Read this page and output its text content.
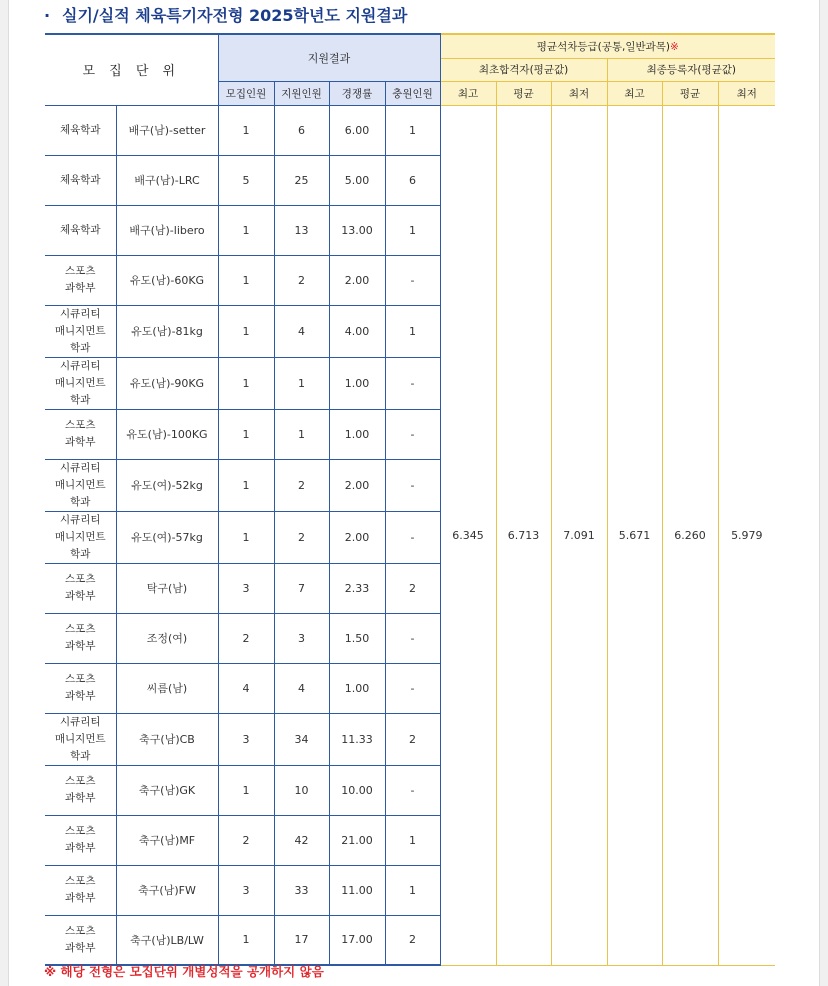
· 실기/실적 체육특기자전형 2025학년도 지원결과
모 집 단 위		지원결과				평균석차등급(공통,일반과목)※					
						최초합격자(평균값)			최종등록자(평균값)		
		모집인원	지원인원	경쟁률	충원인원	최고	평균	최저	최고	평균	최저

체육학과	배구(남)-setter	1	6	6.00	1	6.345	6.713	7.091	5.671	6.260	5.979

체육학과	배구(남)-LRC	5	25	5.00	6						

체육학과	배구(남)-libero	1	13	13.00	1						

스포츠
과학부	유도(남)-60KG	1	2	2.00	-						

시큐리티
매니지먼트
학과	유도(남)-81kg	1	4	4.00	1						

시큐리티
매니지먼트
학과	유도(남)-90KG	1	1	1.00	-						

스포츠
과학부	유도(남)-100KG	1	1	1.00	-						

시큐리티
매니지먼트
학과	유도(여)-52kg	1	2	2.00	-						

시큐리티
매니지먼트
학과	유도(여)-57kg	1	2	2.00	-						

스포츠
과학부	탁구(남)	3	7	2.33	2						

스포츠
과학부	조정(여)	2	3	1.50	-						

스포츠
과학부	씨름(남)	4	4	1.00	-						

시큐리티
매니지먼트
학과	축구(남)CB	3	34	11.33	2						

스포츠
과학부	축구(남)GK	1	10	10.00	-						

스포츠
과학부	축구(남)MF	2	42	21.00	1						

스포츠
과학부	축구(남)FW	3	33	11.00	1						

스포츠
과학부	축구(남)LB/LW	1	17	17.00	2						
※ 해당 전형은 모집단위 개별성적을 공개하지 않음
